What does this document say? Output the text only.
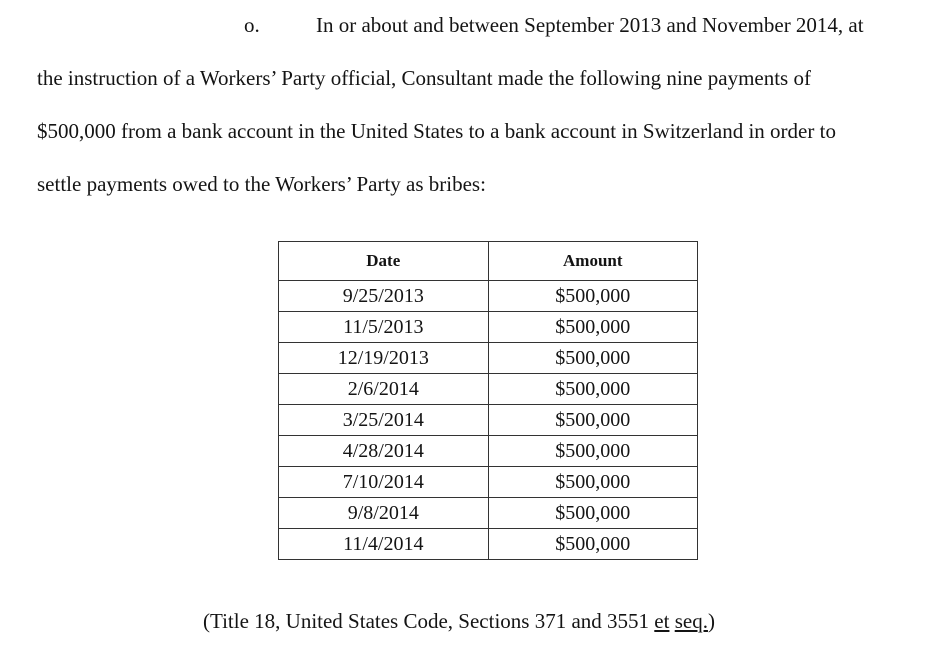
o.	In or about and between September 2013 and November 2014, at
the instruction of a Workers’ Party official, Consultant made the following nine payments of
$500,000 from a bank account in the United States to a bank account in Switzerland in order to
settle payments owed to the Workers’ Party as bribes:
Date	Amount
9/25/2013	$500,000
11/5/2013	$500,000
12/19/2013	$500,000
2/6/2014	$500,000
3/25/2014	$500,000
4/28/2014	$500,000
7/10/2014	$500,000
9/8/2014	$500,000
11/4/2014	$500,000
(Title 18, United States Code, Sections 371 and 3551 et seq.)
